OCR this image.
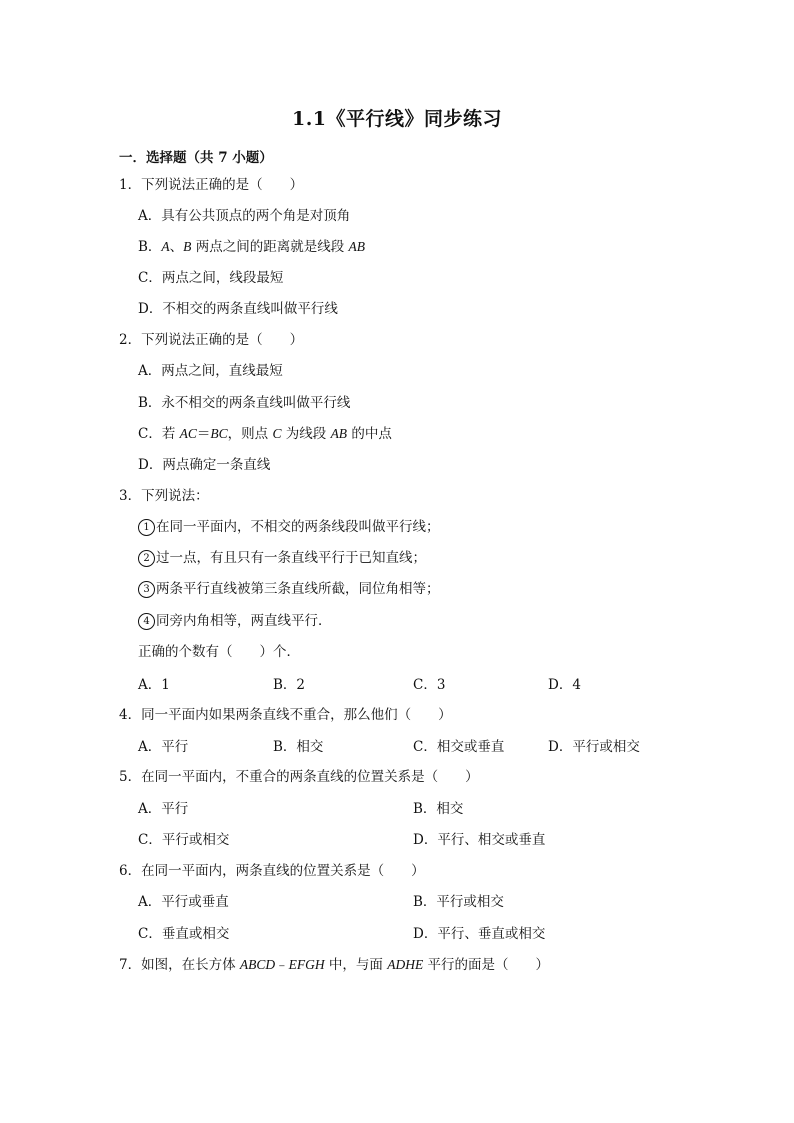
1.1《平行线》同步练习
一．选择题（共 7 小题）
1．下列说法正确的是（　　）
A．具有公共顶点的两个角是对顶角
B．A、B 两点之间的距离就是线段 AB
C．两点之间，线段最短
D．不相交的两条直线叫做平行线
2．下列说法正确的是（　　）
A．两点之间，直线最短
B．永不相交的两条直线叫做平行线
C．若 AC＝BC，则点 C 为线段 AB 的中点
D．两点确定一条直线
3．下列说法：
1 在同一平面内，不相交的两条线段叫做平行线；
2 过一点，有且只有一条直线平行于已知直线；
3 两条平行直线被第三条直线所截，同位角相等；
4 同旁内角相等，两直线平行．
正确的个数有（　　）个．
A．1	B．2	C．3	D．4
4．同一平面内如果两条直线不重合，那么他们（　　）
A．平行	B．相交	C．相交或垂直	D．平行或相交
5．在同一平面内，不重合的两条直线的位置关系是（　　）
A．平行	B．相交
C．平行或相交	D．平行、相交或垂直
6．在同一平面内，两条直线的位置关系是（　　）
A．平行或垂直	B．平行或相交
C．垂直或相交	D．平行、垂直或相交
7．如图，在长方体 ABCD﹣EFGH 中，与面 ADHE 平行的面是（　　）
